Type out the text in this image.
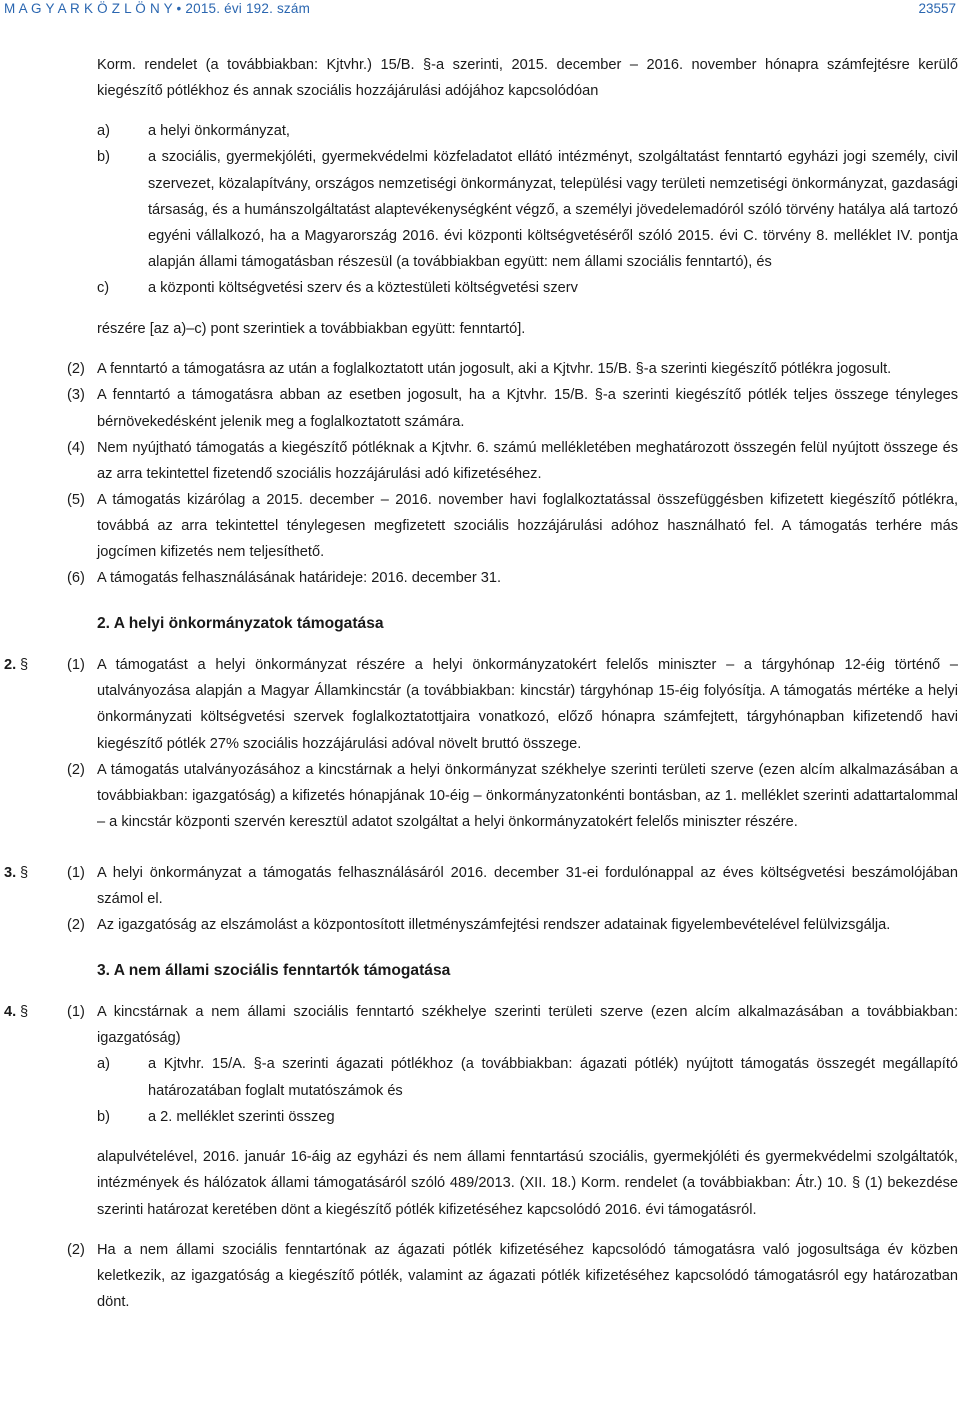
M A G Y A R K Ö Z L Ö N Y • 2015. évi 192. szám	23557

Korm. rendelet (a továbbiakban: Kjtvhr.) 15/B. §-a szerinti, 2015. december – 2016. november hónapra számfejtésre kerülő kiegészítő pótlékhoz és annak szociális hozzájárulási adójához kapcsolódóan

a)	a helyi önkormányzat,
b)	a szociális, gyermekjóléti, gyermekvédelmi közfeladatot ellátó intézményt, szolgáltatást fenntartó egyházi jogi személy, civil szervezet, közalapítvány, országos nemzetiségi önkormányzat, települési vagy területi nemzetiségi önkormányzat, gazdasági társaság, és a humánszolgáltatást alaptevékenységként végző, a személyi jövedelemadóról szóló törvény hatálya alá tartozó egyéni vállalkozó, ha a Magyarország 2016. évi központi költségvetéséről szóló 2015. évi C. törvény 8. melléklet IV. pontja alapján állami támogatásban részesül (a továbbiakban együtt: nem állami szociális fenntartó), és
c)	a központi költségvetési szerv és a köztestületi költségvetési szerv

részére [az a)–c) pont szerintiek a továbbiakban együtt: fenntartó].

(2) A fenntartó a támogatásra az után a foglalkoztatott után jogosult, aki a Kjtvhr. 15/B. §-a szerinti kiegészítő pótlékra jogosult.
(3) A fenntartó a támogatásra abban az esetben jogosult, ha a Kjtvhr. 15/B. §-a szerinti kiegészítő pótlék teljes összege tényleges bérnövekedésként jelenik meg a foglalkoztatott számára.
(4) Nem nyújtható támogatás a kiegészítő pótléknak a Kjtvhr. 6. számú mellékletében meghatározott összegén felül nyújtott összege és az arra tekintettel fizetendő szociális hozzájárulási adó kifizetéséhez.
(5) A támogatás kizárólag a 2015. december – 2016. november havi foglalkoztatással összefüggésben kifizetett kiegészítő pótlékra, továbbá az arra tekintettel ténylegesen megfizetett szociális hozzájárulási adóhoz használható fel. A támogatás terhére más jogcímen kifizetés nem teljesíthető.
(6) A támogatás felhasználásának határideje: 2016. december 31.
2. A helyi önkormányzatok támogatása
2. §	(1) A támogatást a helyi önkormányzat részére a helyi önkormányzatokért felelős miniszter – a tárgyhónap 12-éig történő – utalványozása alapján a Magyar Államkincstár (a továbbiakban: kincstár) tárgyhónap 15-éig folyósítja. A támogatás mértéke a helyi önkormányzati költségvetési szervek foglalkoztatottjaira vonatkozó, előző hónapra számfejtett, tárgyhónapban kifizetendő havi kiegészítő pótlék 27% szociális hozzájárulási adóval növelt bruttó összege.
(2) A támogatás utalványozásához a kincstárnak a helyi önkormányzat székhelye szerinti területi szerve (ezen alcím alkalmazásában a továbbiakban: igazgatóság) a kifizetés hónapjának 10-éig – önkormányzatonkénti bontásban, az 1. melléklet szerinti adattartalommal – a kincstár központi szervén keresztül adatot szolgáltat a helyi önkormányzatokért felelős miniszter részére.
3. §	(1) A helyi önkormányzat a támogatás felhasználásáról 2016. december 31-ei fordulónappal az éves költségvetési beszámolójában számol el.
(2) Az igazgatóság az elszámolást a központosított illetményszámfejtési rendszer adatainak figyelembevételével felülvizsgálja.
3. A nem állami szociális fenntartók támogatása
4. §	(1) A kincstárnak a nem állami szociális fenntartó székhelye szerinti területi szerve (ezen alcím alkalmazásában a továbbiakban: igazgatóság)
a)	a Kjtvhr. 15/A. §-a szerinti ágazati pótlékhoz (a továbbiakban: ágazati pótlék) nyújtott támogatás összegét megállapító határozatában foglalt mutatószámok és
b)	a 2. melléklet szerinti összeg

alapulvételével, 2016. január 16-áig az egyházi és nem állami fenntartású szociális, gyermekjóléti és gyermekvédelmi szolgáltatók, intézmények és hálózatok állami támogatásáról szóló 489/2013. (XII. 18.) Korm. rendelet (a továbbiakban: Átr.) 10. § (1) bekezdése szerinti határozat keretében dönt a kiegészítő pótlék kifizetéséhez kapcsolódó 2016. évi támogatásról.

(2) Ha a nem állami szociális fenntartónak az ágazati pótlék kifizetéséhez kapcsolódó támogatásra való jogosultsága év közben keletkezik, az igazgatóság a kiegészítő pótlék, valamint az ágazati pótlék kifizetéséhez kapcsolódó támogatásról egy határozatban dönt.
